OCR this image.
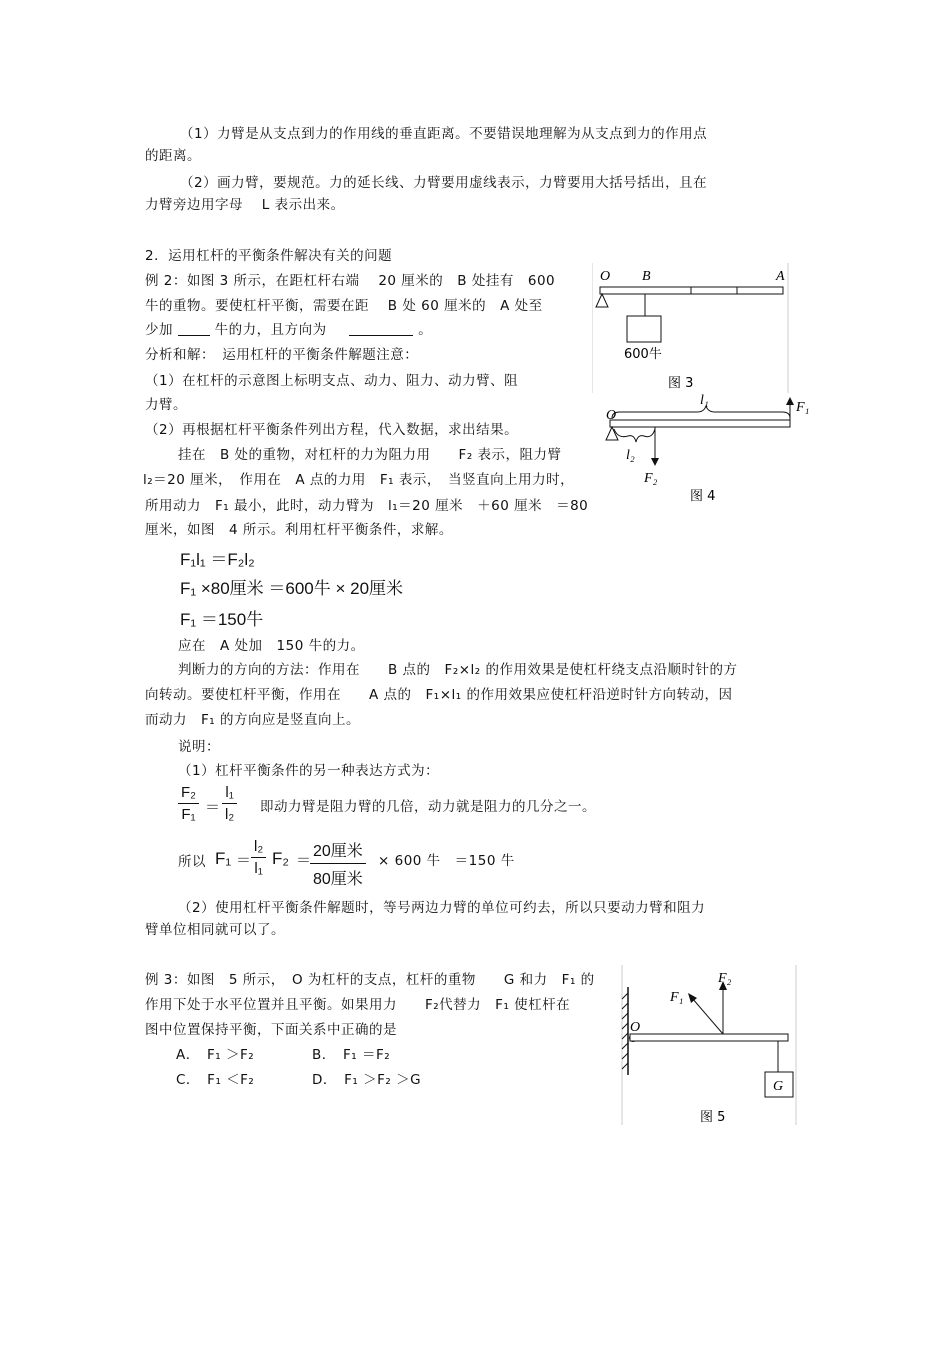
（1）力臂是从支点到力的作用线的垂直距离。不要错误地理解为从支点到力的作用点
的距离。
（2）画力臂，要规范。力的延长线、力臂要用虚线表示，力臂要用大括号括出，且在
力臂旁边用字母　 L 表示出来。
2．运用杠杆的平衡条件解决有关的问题
例 2：如图 3 所示，在距杠杆右端　 20 厘米的　B 处挂有　600
牛的重物。要使杠杆平衡，需要在距　 B 处 60 厘米的　A 处至
少加	牛的力，且方向为	。
分析和解：　运用杠杆的平衡条件解题注意：
（1）在杠杆的示意图上标明支点、动力、阻力、动力臂、阻
力臂。
（2）再根据杠杆平衡条件列出方程，代入数据，求出结果。
挂在　B 处的重物，对杠杆的力为阻力用　　F₂ 表示，阻力臂
l₂＝20 厘米，　作用在　A 点的力用　F₁ 表示，　当竖直向上用力时，
所用动力　F₁ 最小，此时，动力臂为　l₁＝20 厘米　＋60 厘米　＝80
厘米，如图　4 所示。利用杠杆平衡条件，求解。
F₁l₁ ＝F₂l₂
F₁ ×80厘米 ＝600牛 × 20厘米
F₁ ＝150牛
应在　A 处加　150 牛的力。
判断力的方向的方法：作用在　　B 点的　F₂×l₂ 的作用效果是使杠杆绕支点沿顺时针的方
向转动。要使杠杆平衡，作用在　　A 点的　F₁×l₁ 的作用效果应使杠杆沿逆时针方向转动，因
而动力　F₁ 的方向应是竖直向上。
说明：
（1）杠杆平衡条件的另一种表达方式为：
$\frac{\text{F₂}}{\text{F₁}} = \frac{\text{l₁}}{\text{l₂}}$ 即动力臂是阻力臂的几倍，动力就是阻力的几分之一。
所以 $F_1 = \frac{\text{l₂}}{\text{l₁}} F_2$ ＝
20厘米
80厘米
× 600 牛　＝150 牛
（2）使用杠杆平衡条件解题时，等号两边力臂的单位可约去，所以只要动力臂和阻力
臂单位相同就可以了。
例 3：如图　5 所示，　O 为杠杆的支点，杠杆的重物　　G 和力　F₁ 的
作用下处于水平位置并且平衡。如果用力　　F₂代替力　F₁ 使杠杆在
图中位置保持平衡，下面关系中正确的是
A．　F₁ ＞F₂	B．　F₁ ＝F₂
C．　F₁ ＜F₂	D．　F₁ ＞F₂ ＞G
O B	A
600牛
图 3
O
l₁	F₁
l₂
F₂
图 4
F₁
F₂
O
G
图 5
